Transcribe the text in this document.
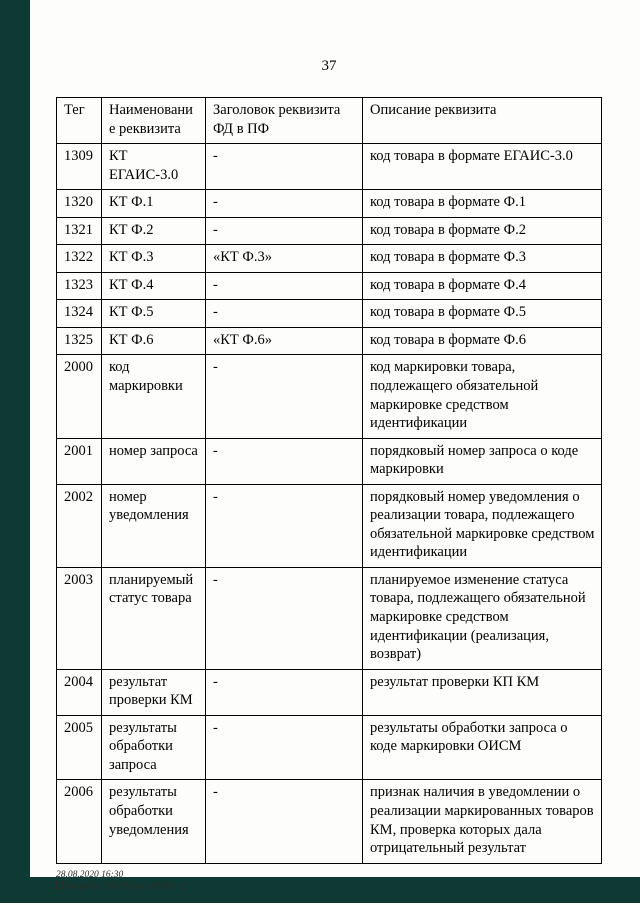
37
Тег	Наименование реквизита	Заголовок реквизита ФД в ПФ	Описание реквизита
1309	КТ ЕГАИС-3.0	-	код товара в формате ЕГАИС-3.0
1320	КТ Ф.1	-	код товара в формате Ф.1
1321	КТ Ф.2	-	код товара в формате Ф.2
1322	КТ Ф.3	«КТ Ф.3»	код товара в формате Ф.3
1323	КТ Ф.4	-	код товара в формате Ф.4
1324	КТ Ф.5	-	код товара в формате Ф.5
1325	КТ Ф.6	«КТ Ф.6»	код товара в формате Ф.6
2000	код маркировки	-	код маркировки товара, подлежащего обязательной маркировке средством идентификации
2001	номер запроса	-	порядковый номер запроса о коде маркировки
2002	номер уведомления	-	порядковый номер уведомления о реализации товара, подлежащего обязательной маркировке средством идентификации
2003	планируемый статус товара	-	планируемое изменение статуса товара, подлежащего обязательной маркировке средством идентификации (реализация, возврат)
2004	результат проверки КМ	-	результат проверки КП КМ
2005	результаты обработки запроса	-	результаты обработки запроса о коде маркировки ОИСМ
2006	результаты обработки уведомления	-	признак наличия в уведомлении о реализации маркированных товаров КМ, проверка которых дала отрицательный результат
28.08.2020 16:30
kompburc /Ю.Р./приз-И3861-2
